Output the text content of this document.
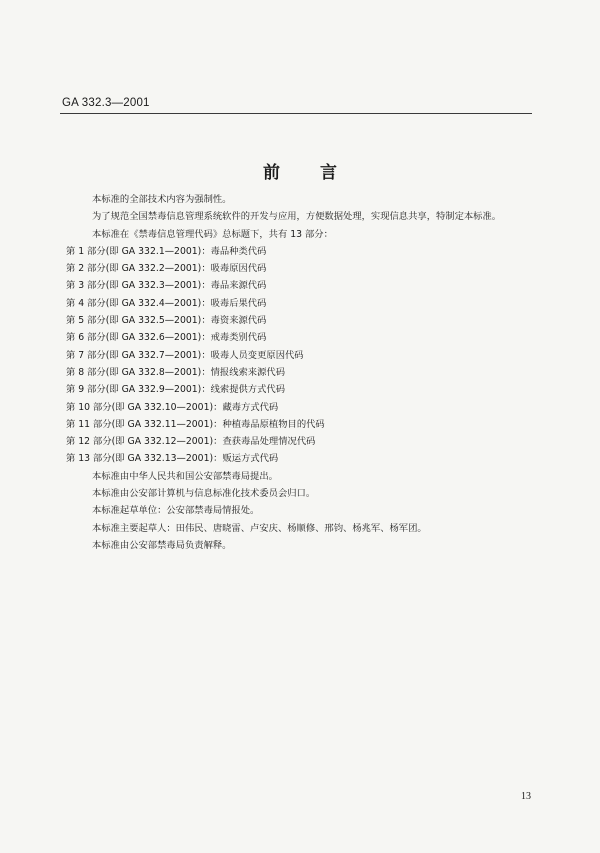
GA 332.3—2001
前言
本标准的全部技术内容为强制性。
为了规范全国禁毒信息管理系统软件的开发与应用，方便数据处理，实现信息共享，特制定本标准。
本标准在《禁毒信息管理代码》总标题下，共有 13 部分：
第 1 部分(即 GA 332.1—2001)：毒品种类代码
第 2 部分(即 GA 332.2—2001)：吸毒原因代码
第 3 部分(即 GA 332.3—2001)：毒品来源代码
第 4 部分(即 GA 332.4—2001)：吸毒后果代码
第 5 部分(即 GA 332.5—2001)：毒资来源代码
第 6 部分(即 GA 332.6—2001)：戒毒类别代码
第 7 部分(即 GA 332.7—2001)：吸毒人员变更原因代码
第 8 部分(即 GA 332.8—2001)：情报线索来源代码
第 9 部分(即 GA 332.9—2001)：线索提供方式代码
第 10 部分(即 GA 332.10—2001)：藏毒方式代码
第 11 部分(即 GA 332.11—2001)：种植毒品原植物目的代码
第 12 部分(即 GA 332.12—2001)：查获毒品处理情况代码
第 13 部分(即 GA 332.13—2001)：贩运方式代码
本标准由中华人民共和国公安部禁毒局提出。
本标准由公安部计算机与信息标准化技术委员会归口。
本标准起草单位：公安部禁毒局情报处。
本标准主要起草人：田伟民、唐晓雷、卢安庆、杨顺修、邢钧、杨兆军、杨军团。
本标准由公安部禁毒局负责解释。
13
